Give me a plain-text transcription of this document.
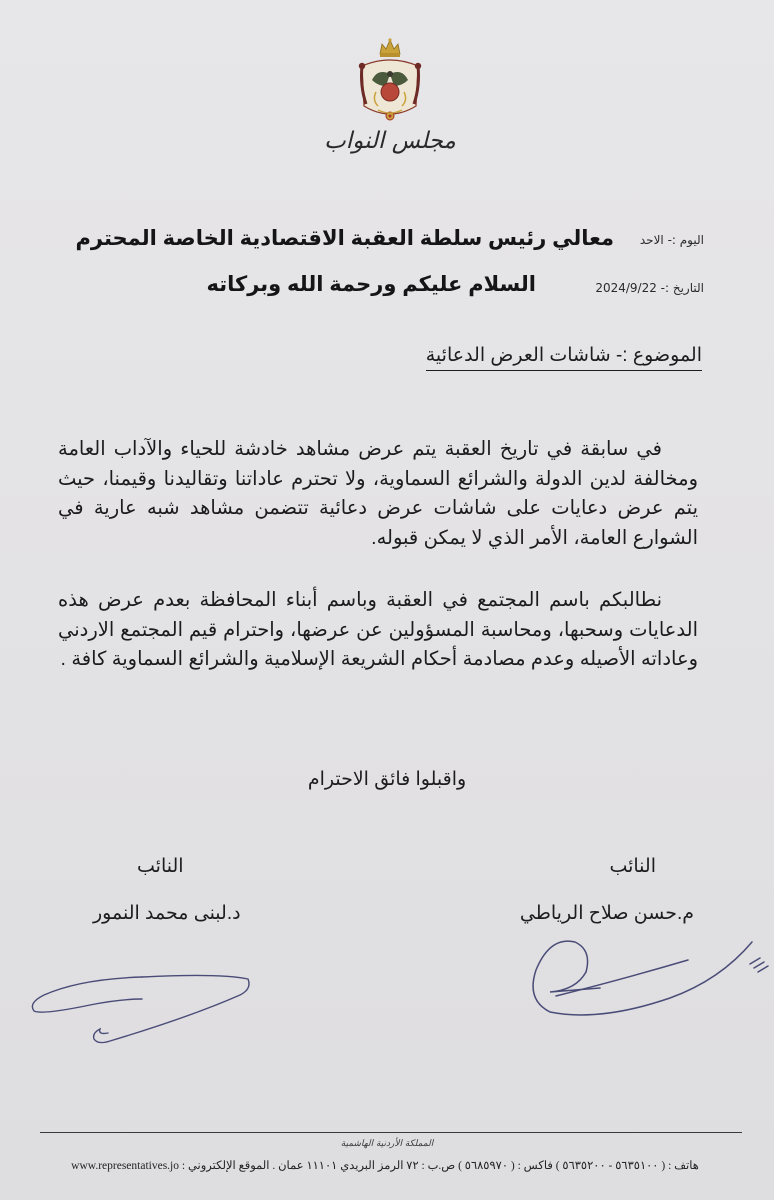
مجلس النواب
اليوم :- الاحد
معالي رئيس سلطة العقبة الاقتصادية الخاصة المحترم
التاريخ :- 2024/9/22
السلام عليكم ورحمة الله وبركاته
الموضوع :- شاشات العرض الدعائية

في سابقة في تاريخ العقبة يتم عرض مشاهد خادشة للحياء والآداب العامة ومخالفة لدين الدولة والشرائع السماوية، ولا تحترم عاداتنا وتقاليدنا وقيمنا، حيث يتم عرض دعايات على شاشات عرض دعائية تتضمن مشاهد شبه عارية في الشوارع العامة، الأمر الذي لا يمكن قبوله.

نطالبكم باسم المجتمع في العقبة وباسم أبناء المحافظة بعدم عرض هذه الدعايات وسحبها، ومحاسبة المسؤولين عن عرضها، واحترام قيم المجتمع الاردني وعاداته الأصيله وعدم مصادمة أحكام الشريعة الإسلامية والشرائع السماوية كافة .

واقبلوا فائق الاحترام
النائب
م.حسن صلاح الرياطي
النائب
د.لبنى محمد النمور
المملكة الأردنية الهاشمية
هاتف : ( ٥٦٣٥١٠٠ - ٥٦٣٥٢٠٠ ) فاكس : ( ٥٦٨٥٩٧٠ ) ص.ب : ٧٢ الرمز البريدي ١١١٠١ عمان . الموقع الإلكتروني : www.representatives.jo
